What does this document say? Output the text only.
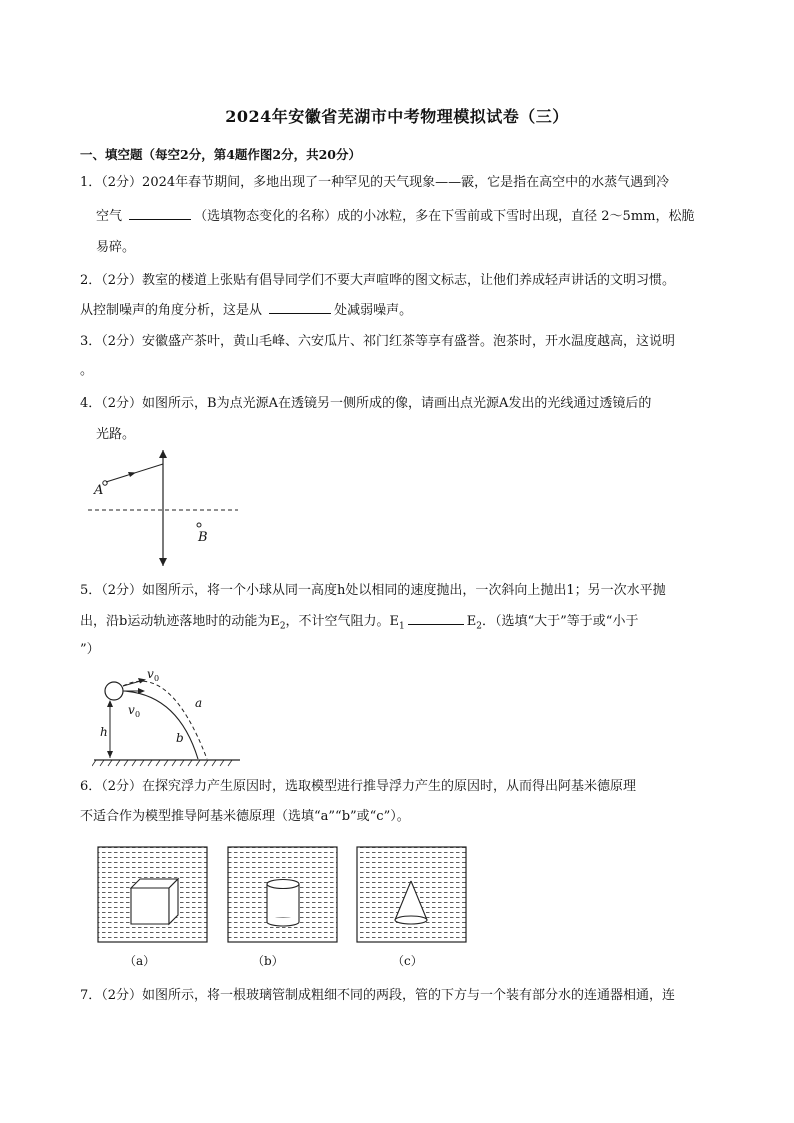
2024年安徽省芜湖市中考物理模拟试卷（三）
一、填空题（每空2分，第4题作图2分，共20分）
1．（2分）2024年春节期间，多地出现了一种罕见的天气现象——霰，它是指在高空中的水蒸气遇到冷
空气	（选填物态变化的名称）成的小冰粒，多在下雪前或下雪时出现，直径 2～5mm，松脆
易碎。
2．（2分）教室的楼道上张贴有倡导同学们不要大声喧哗的图文标志，让他们养成轻声讲话的文明习惯。
从控制噪声的角度分析，这是从	处减弱噪声。
3．（2分）安徽盛产茶叶，黄山毛峰、六安瓜片、祁门红茶等享有盛誉。泡茶时，开水温度越高，这说明
。
4．（2分）如图所示，B为点光源A在透镜另一侧所成的像，请画出点光源A发出的光线通过透镜后的
光路。
A
B
5．（2分）如图所示，将一个小球从同一高度h处以相同的速度抛出，一次斜向上抛出1；另一次水平抛
出，沿b运动轨迹落地时的动能为$E_2$，不计空气阻力。$E_1$	$E_2$．（选填“大于”等于或“小于
”）
v 0
v 0
a
b
h
6．（2分）在探究浮力产生原因时，选取模型进行推导浮力产生的原因时，从而得出阿基米德原理
不适合作为模型推导阿基米德原理（选填“a”“b”或“c”）。
（a）	（b）	（c）
7．（2分）如图所示，将一根玻璃管制成粗细不同的两段，管的下方与一个装有部分水的连通器相通，连
